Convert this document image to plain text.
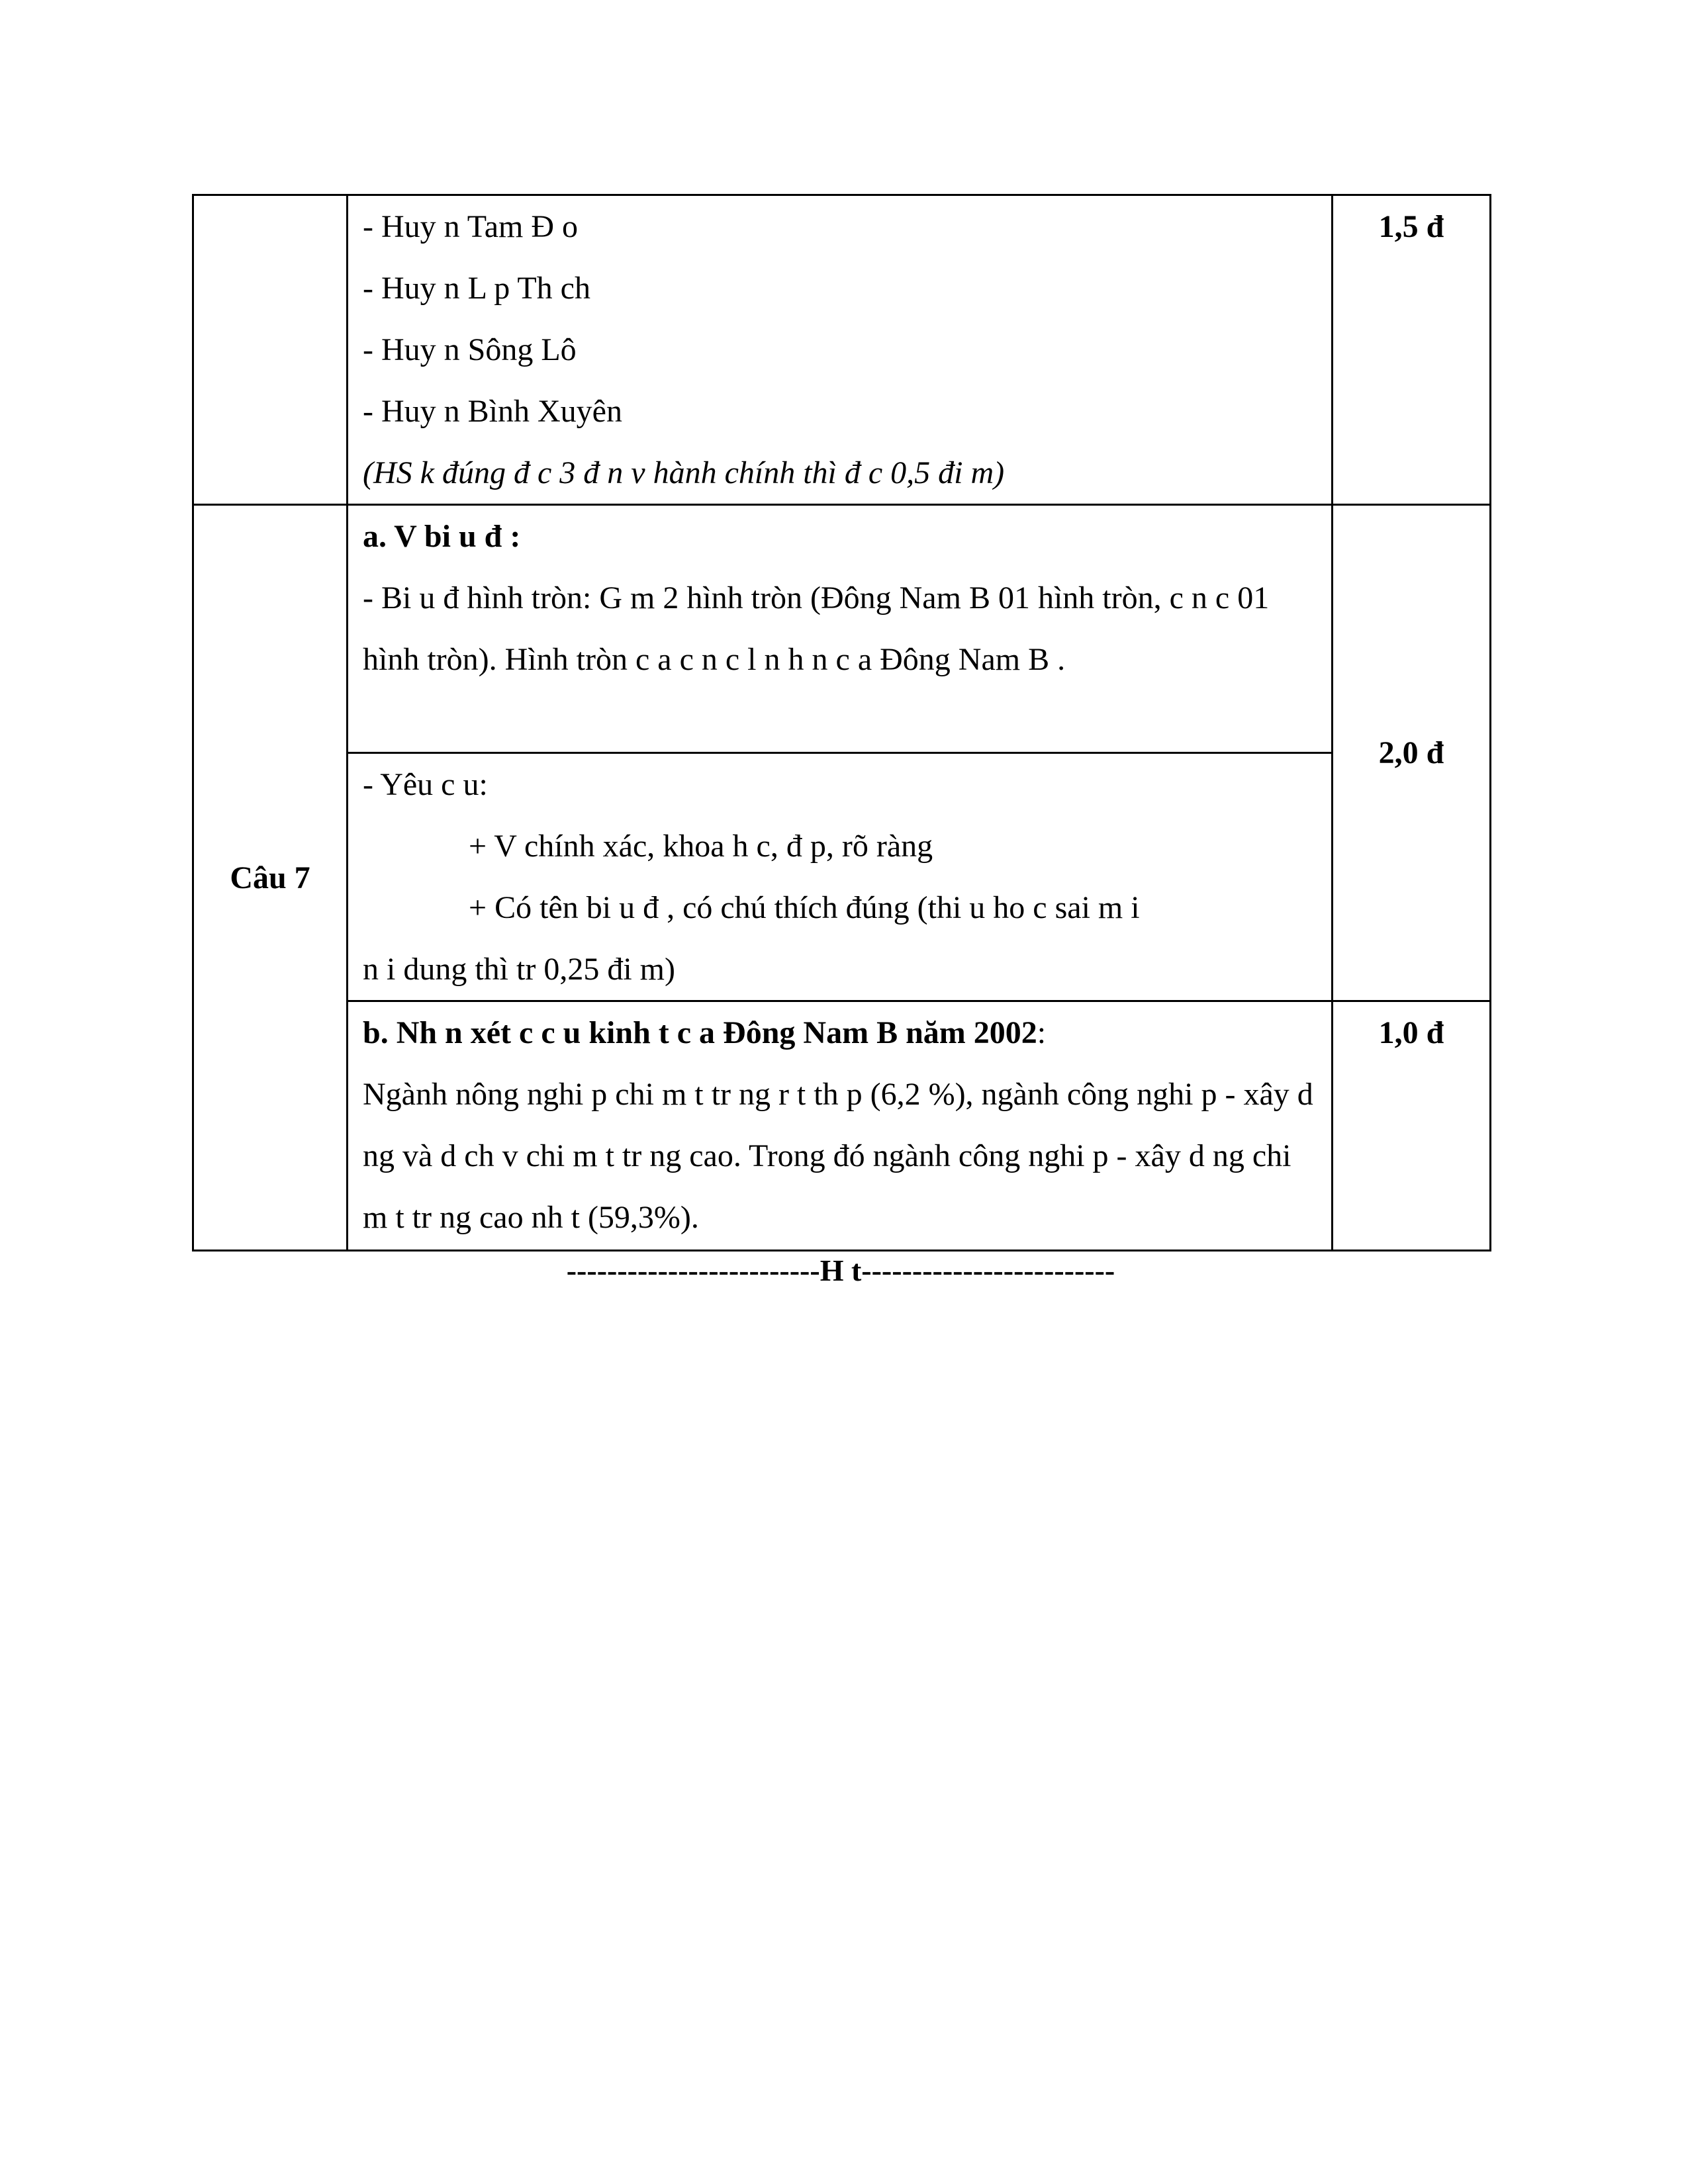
	- Huy n Tam Đ o
- Huy n L p Th ch
- Huy n Sông Lô
- Huy n Bình Xuyên
(HS k đúng đ c 3 đ n v hành chính thì đ c 0,5 đi m)	1,5 đ
Câu 7	a. V bi u đ :
- Bi u đ hình tròn: G m 2 hình tròn (Đông Nam B 01 hình tròn, c n c 01 hình tròn). Hình tròn c a c n c l n h n c a Đông Nam B .	2,0 đ

	- Yêu c u:
+ V chính xác, khoa h c, đ p, rõ ràng
+ Có tên bi u đ , có chú thích đúng (thi u ho c sai m i
n i dung thì tr 0,25 đi m)	

	b. Nh n xét c c u kinh t c a Đông Nam B năm 2002:
Ngành nông nghi p chi m t tr ng r t th p (6,2 %), ngành công nghi p - xây d ng và d ch v chi m t tr ng cao. Trong đó ngành công nghi p - xây d ng chi m t tr ng cao nh t (59,3%).	1,0 đ
-------------------------H t-------------------------
